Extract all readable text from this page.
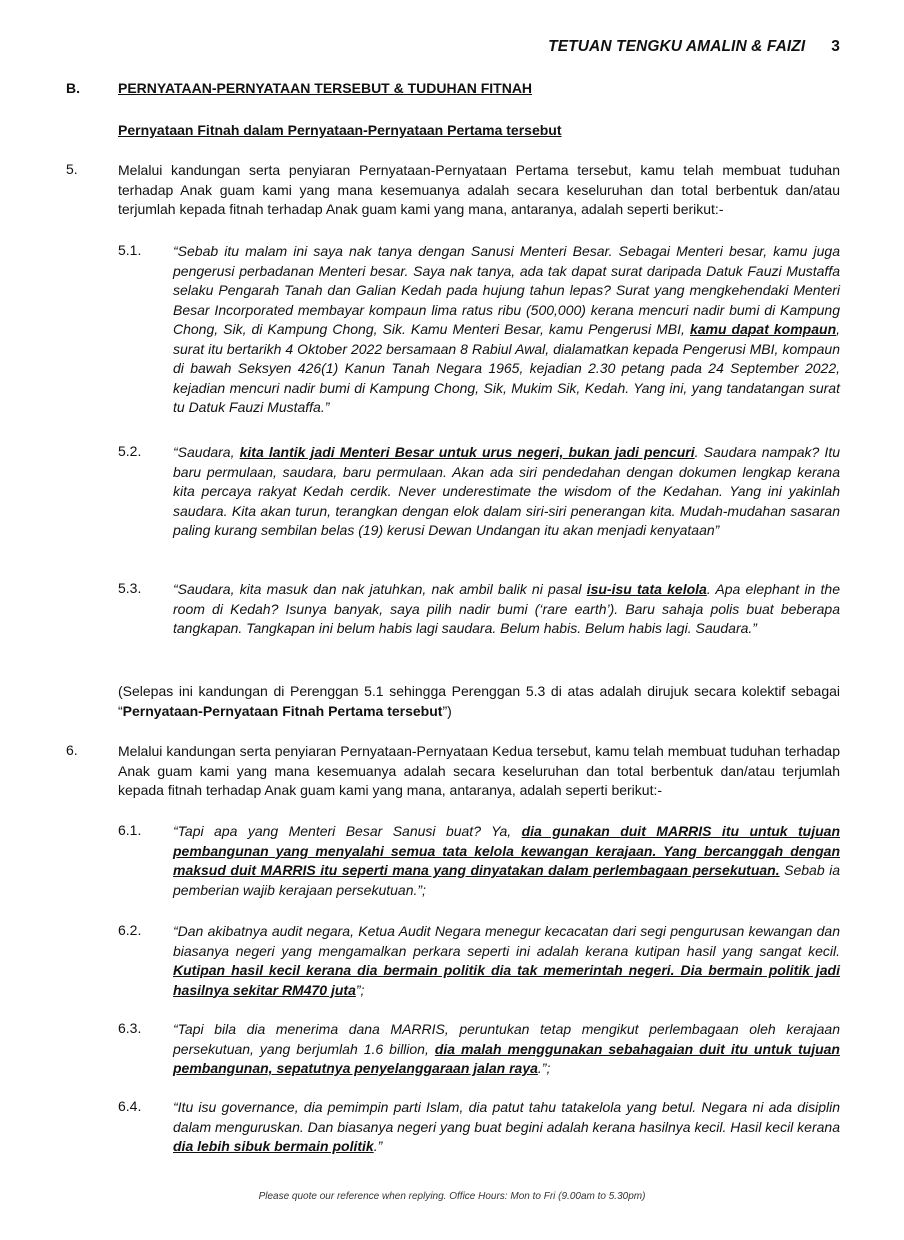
TETUAN TENGKU AMALIN & FAIZI 3
B.	PERNYATAAN-PERNYATAAN TERSEBUT & TUDUHAN FITNAH
Pernyataan Fitnah dalam Pernyataan-Pernyataan Pertama tersebut
5.	Melalui kandungan serta penyiaran Pernyataan-Pernyataan Pertama tersebut, kamu telah membuat tuduhan terhadap Anak guam kami yang mana kesemuanya adalah secara keseluruhan dan total berbentuk dan/atau terjumlah kepada fitnah terhadap Anak guam kami yang mana, antaranya, adalah seperti berikut:-
5.1. “Sebab itu malam ini saya nak tanya dengan Sanusi Menteri Besar. Sebagai Menteri besar, kamu juga pengerusi perbadanan Menteri besar. Saya nak tanya, ada tak dapat surat daripada Datuk Fauzi Mustaffa selaku Pengarah Tanah dan Galian Kedah pada hujung tahun lepas? Surat yang mengkehendaki Menteri Besar Incorporated membayar kompaun lima ratus ribu (500,000) kerana mencuri nadir bumi di Kampung Chong, Sik, di Kampung Chong, Sik. Kamu Menteri Besar, kamu Pengerusi MBI, kamu dapat kompaun, surat itu bertarikh 4 Oktober 2022 bersamaan 8 Rabiul Awal, dialamatkan kepada Pengerusi MBI, kompaun di bawah Seksyen 426(1) Kanun Tanah Negara 1965, kejadian 2.30 petang pada 24 September 2022, kejadian mencuri nadir bumi di Kampung Chong, Sik, Mukim Sik, Kedah. Yang ini, yang tandatangan surat tu Datuk Fauzi Mustaffa.”
5.2. “Saudara, kita lantik jadi Menteri Besar untuk urus negeri, bukan jadi pencuri. Saudara nampak? Itu baru permulaan, saudara, baru permulaan. Akan ada siri pendedahan dengan dokumen lengkap kerana kita percaya rakyat Kedah cerdik. Never underestimate the wisdom of the Kedahan. Yang ini yakinlah saudara. Kita akan turun, terangkan dengan elok dalam siri-siri penerangan kita. Mudah-mudahan sasaran paling kurang sembilan belas (19) kerusi Dewan Undangan itu akan menjadi kenyataan”
5.3. “Saudara, kita masuk dan nak jatuhkan, nak ambil balik ni pasal isu-isu tata kelola. Apa elephant in the room di Kedah? Isunya banyak, saya pilih nadir bumi (‘rare earth’). Baru sahaja polis buat beberapa tangkapan. Tangkapan ini belum habis lagi saudara. Belum habis. Belum habis lagi. Saudara.”
(Selepas ini kandungan di Perenggan 5.1 sehingga Perenggan 5.3 di atas adalah dirujuk secara kolektif sebagai “Pernyataan-Pernyataan Fitnah Pertama tersebut”)
6.	Melalui kandungan serta penyiaran Pernyataan-Pernyataan Kedua tersebut, kamu telah membuat tuduhan terhadap Anak guam kami yang mana kesemuanya adalah secara keseluruhan dan total berbentuk dan/atau terjumlah kepada fitnah terhadap Anak guam kami yang mana, antaranya, adalah seperti berikut:-
6.1. “Tapi apa yang Menteri Besar Sanusi buat? Ya, dia gunakan duit MARRIS itu untuk tujuan pembangunan yang menyalahi semua tata kelola kewangan kerajaan. Yang bercanggah dengan maksud duit MARRIS itu seperti mana yang dinyatakan dalam perlembagaan persekutuan. Sebab ia pemberian wajib kerajaan persekutuan.”;
6.2. “Dan akibatnya audit negara, Ketua Audit Negara menegur kecacatan dari segi pengurusan kewangan dan biasanya negeri yang mengamalkan perkara seperti ini adalah kerana kutipan hasil yang sangat kecil. Kutipan hasil kecil kerana dia bermain politik dia tak memerintah negeri. Dia bermain politik jadi hasilnya sekitar RM470 juta”;
6.3. “Tapi bila dia menerima dana MARRIS, peruntukan tetap mengikut perlembagaan oleh kerajaan persekutuan, yang berjumlah 1.6 billion, dia malah menggunakan sebahagaian duit itu untuk tujuan pembangunan, sepatutnya penyelanggaraan jalan raya.”;
6.4. “Itu isu governance, dia pemimpin parti Islam, dia patut tahu tatakelola yang betul. Negara ni ada disiplin dalam menguruskan. Dan biasanya negeri yang buat begini adalah kerana hasilnya kecil. Hasil kecil kerana dia lebih sibuk bermain politik.”
Please quote our reference when replying. Office Hours: Mon to Fri (9.00am to 5.30pm)
